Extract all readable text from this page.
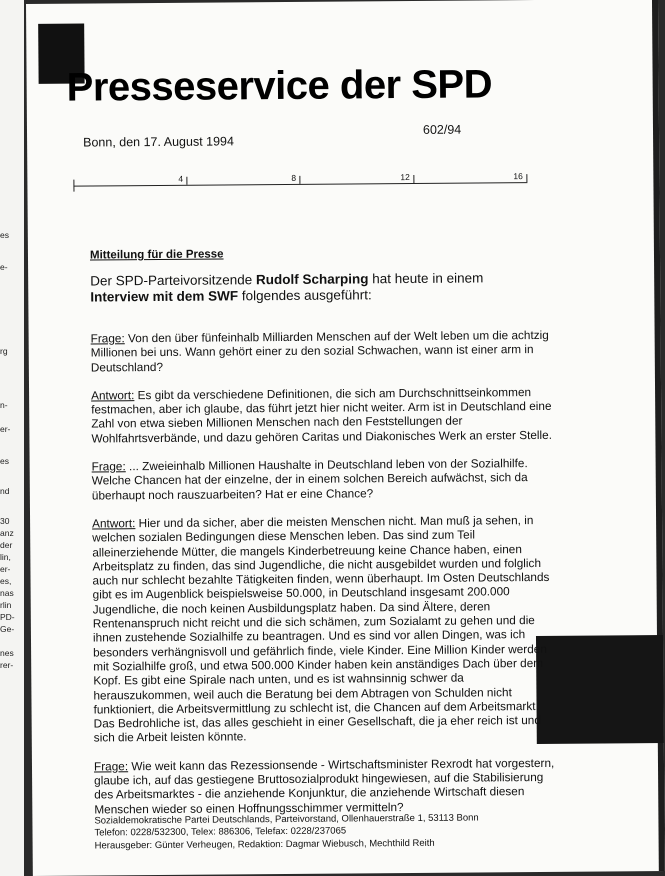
es
e-
rg
n-
er-
es
nd
30
anz
der
lin,
er-
es,
nas
rlin
PD-
Ge-
nes
rer-
Presseservice der SPD
Bonn, den 17. August 1994
602/94
4	8	12	16

Mitteilung für die Presse

Der SPD-Parteivorsitzende Rudolf Scharping hat heute in einem
Interview mit dem SWF folgendes ausgeführt:

Frage: Von den über fünfeinhalb Milliarden Menschen auf der Welt leben um die achtzig Millionen bei uns. Wann gehört einer zu den sozial Schwachen, wann ist einer arm in Deutschland?

Antwort: Es gibt da verschiedene Definitionen, die sich am Durchschnittseinkommen festmachen, aber ich glaube, das führt jetzt hier nicht weiter. Arm ist in Deutschland eine Zahl von etwa sieben Millionen Menschen nach den Feststellungen der Wohlfahrtsverbände, und dazu gehören Caritas und Diakonisches Werk an erster Stelle.

Frage: ... Zweieinhalb Millionen Haushalte in Deutschland leben von der Sozialhilfe. Welche Chancen hat der einzelne, der in einem solchen Bereich aufwächst, sich da überhaupt noch rauszuarbeiten? Hat er eine Chance?

Antwort: Hier und da sicher, aber die meisten Menschen nicht. Man muß ja sehen, in welchen sozialen Bedingungen diese Menschen leben. Das sind zum Teil alleinerziehende Mütter, die mangels Kinderbetreuung keine Chance haben, einen Arbeitsplatz zu finden, das sind Jugendliche, die nicht ausgebildet wurden und folglich auch nur schlecht bezahlte Tätigkeiten finden, wenn überhaupt. Im Osten Deutschlands gibt es im Augenblick beispielsweise 50.000, in Deutschland insgesamt 200.000 Jugendliche, die noch keinen Ausbildungsplatz haben. Da sind Ältere, deren Rentenanspruch nicht reicht und die sich schämen, zum Sozialamt zu gehen und die ihnen zustehende Sozialhilfe zu beantragen. Und es sind vor allen Dingen, was ich besonders verhängnisvoll und gefährlich finde, viele Kinder. Eine Million Kinder werden mit Sozialhilfe groß, und etwa 500.000 Kinder haben kein anständiges Dach über dem Kopf. Es gibt eine Spirale nach unten, und es ist wahnsinnig schwer da herauszukommen, weil auch die Beratung bei dem Abtragen von Schulden nicht funktioniert, die Arbeitsvermittlung zu schlecht ist, die Chancen auf dem Arbeitsmarkt. Das Bedrohliche ist, das alles geschieht in einer Gesellschaft, die ja eher reich ist und sich die Arbeit leisten könnte.

Frage: Wie weit kann das Rezessionsende - Wirtschaftsminister Rexrodt hat vorgestern, glaube ich, auf das gestiegene Bruttosozialprodukt hingewiesen, auf die Stabilisierung des Arbeitsmarktes - die anziehende Konjunktur, die anziehende Wirtschaft diesen Menschen wieder so einen Hoffnungsschimmer vermitteln?

Sozialdemokratische Partei Deutschlands, Parteivorstand, Ollenhauerstraße 1, 53113 Bonn
Telefon: 0228/532300, Telex: 886306, Telefax: 0228/237065
Herausgeber: Günter Verheugen, Redaktion: Dagmar Wiebusch, Mechthild Reith
